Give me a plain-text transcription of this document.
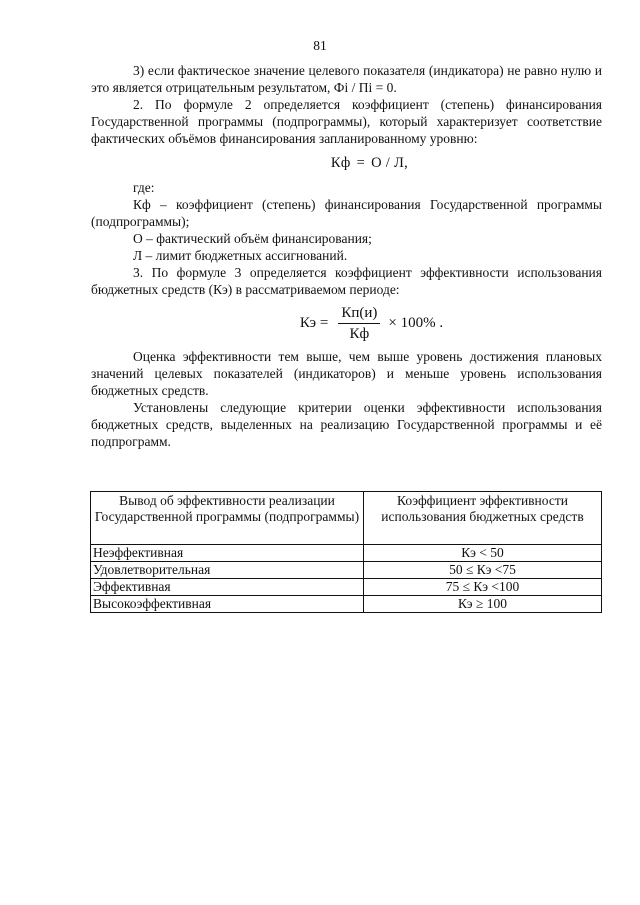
81

3) если фактическое значение целевого показателя (индикатора) не равно нулю и это является отрицательным результатом, Фі / Пі = 0.

2. По формуле 2 определяется коэффициент (степень) финансирования Государственной программы (подпрограммы), который характеризует соответствие фактических объёмов финансирования запланированному уровню:

Кф = О / Л,

где:

Кф – коэффициент (степень) финансирования Государственной программы (подпрограммы);

О – фактический объём финансирования;

Л – лимит бюджетных ассигнований.

3. По формуле 3 определяется коэффициент эффективности использования бюджетных средств (Кэ) в рассматриваемом периоде:

Кэ = $\frac{Кп(и)}{Кф} \times 100\%$ .

Оценка эффективности тем выше, чем выше уровень достижения плановых значений целевых показателей (индикаторов) и меньше уровень использования бюджетных средств.

Установлены следующие критерии оценки эффективности использования бюджетных средств, выделенных на реализацию Государственной программы и её подпрограмм.

Вывод об эффективности реализации Государственной программы (подпрограммы)	Коэффициент эффективности использования бюджетных средств
Неэффективная	Кэ < 50
Удовлетворительная	50 ≤ Кэ <75
Эффективная	75 ≤ Кэ <100
Высокоэффективная	Кэ ≥ 100
